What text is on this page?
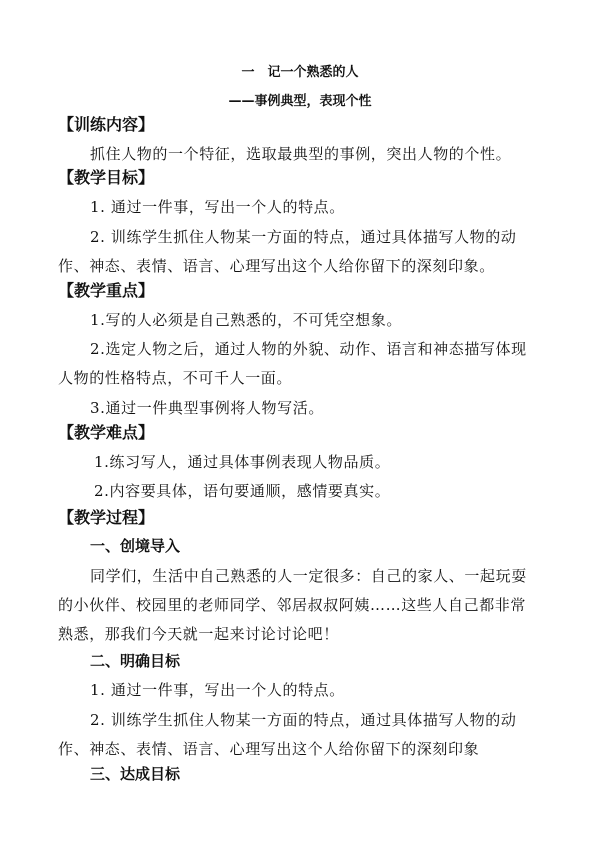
一　记一个熟悉的人

——事例典型，表现个性

【训练内容】

抓住人物的一个特征，选取最典型的事例，突出人物的个性。

【教学目标】

1. 通过一件事，写出一个人的特点。

2. 训练学生抓住人物某一方面的特点，通过具体描写人物的动

作、神态、表情、语言、心理写出这个人给你留下的深刻印象。

【教学重点】

1.写的人必须是自己熟悉的，不可凭空想象。

2.选定人物之后，通过人物的外貌、动作、语言和神态描写体现

人物的性格特点，不可千人一面。

3.通过一件典型事例将人物写活。

【教学难点】

1.练习写人，通过具体事例表现人物品质。

2.内容要具体，语句要通顺，感情要真实。

【教学过程】

一、创境导入

同学们，生活中自己熟悉的人一定很多：自己的家人、一起玩耍

的小伙伴、校园里的老师同学、邻居叔叔阿姨……这些人自己都非常

熟悉，那我们今天就一起来讨论讨论吧！

二、明确目标

1. 通过一件事，写出一个人的特点。

2. 训练学生抓住人物某一方面的特点，通过具体描写人物的动

作、神态、表情、语言、心理写出这个人给你留下的深刻印象

三、达成目标
